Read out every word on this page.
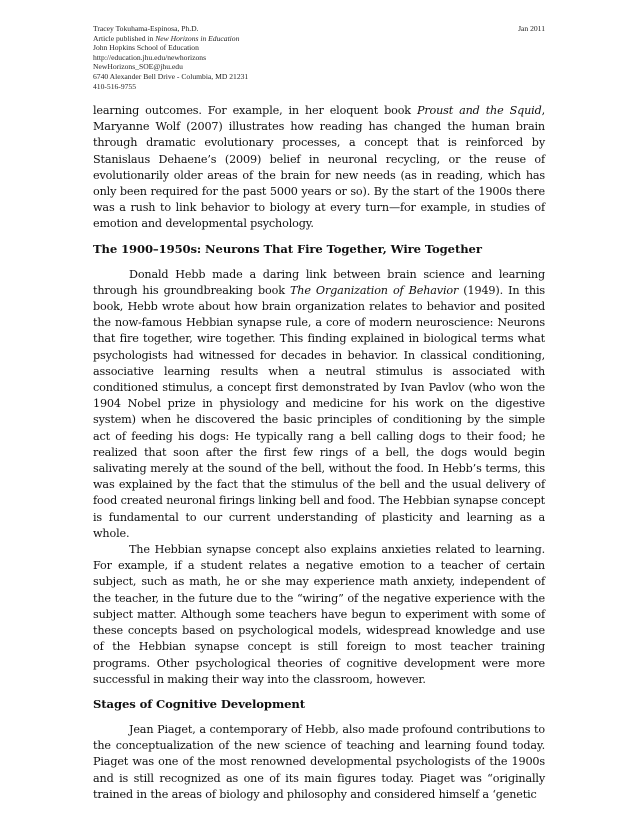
Jan 2011
Tracey Tokuhama-Espinosa, Ph.D.
Article published in New Horizons in Education
John Hopkins School of Education
http://education.jhu.edu/newhorizons
NewHorizons_SOE@jhu.edu
6740 Alexander Bell Drive - Columbia, MD 21231
410-516-9755

learning outcomes. For example, in her eloquent book Proust and the Squid, Maryanne Wolf (2007) illustrates how reading has changed the human brain through dramatic evolutionary processes, a concept that is reinforced by Stanislaus Dehaene’s (2009) belief in neuronal recycling, or the reuse of evolutionarily older areas of the brain for new needs (as in reading, which has only been required for the past 5000 years or so). By the start of the 1900s there was a rush to link behavior to biology at every turn—for example, in studies of emotion and developmental psychology.

The 1900–1950s: Neurons That Fire Together, Wire Together

Donald Hebb made a daring link between brain science and learning through his groundbreaking book The Organization of Behavior (1949). In this book, Hebb wrote about how brain organization relates to behavior and posited the now-famous Hebbian synapse rule, a core of modern neuroscience: Neurons that fire together, wire together. This finding explained in biological terms what psychologists had witnessed for decades in behavior. In classical conditioning, associative learning results when a neutral stimulus is associated with conditioned stimulus, a concept first demonstrated by Ivan Pavlov (who won the 1904 Nobel prize in physiology and medicine for his work on the digestive system) when he discovered the basic principles of conditioning by the simple act of feeding his dogs: He typically rang a bell calling dogs to their food; he realized that soon after the first few rings of a bell, the dogs would begin salivating merely at the sound of the bell, without the food. In Hebb’s terms, this was explained by the fact that the stimulus of the bell and the usual delivery of food created neuronal firings linking bell and food. The Hebbian synapse concept is fundamental to our current understanding of plasticity and learning as a whole.

The Hebbian synapse concept also explains anxieties related to learning. For example, if a student relates a negative emotion to a teacher of certain subject, such as math, he or she may experience math anxiety, independent of the teacher, in the future due to the “wiring” of the negative experience with the subject matter. Although some teachers have begun to experiment with some of these concepts based on psychological models, widespread knowledge and use of the Hebbian synapse concept is still foreign to most teacher training programs. Other psychological theories of cognitive development were more successful in making their way into the classroom, however.

Stages of Cognitive Development

Jean Piaget, a contemporary of Hebb, also made profound contributions to the conceptualization of the new science of teaching and learning found today. Piaget was one of the most renowned developmental psychologists of the 1900s and is still recognized as one of its main figures today. Piaget was “originally trained in the areas of biology and philosophy and considered himself a ‘genetic
